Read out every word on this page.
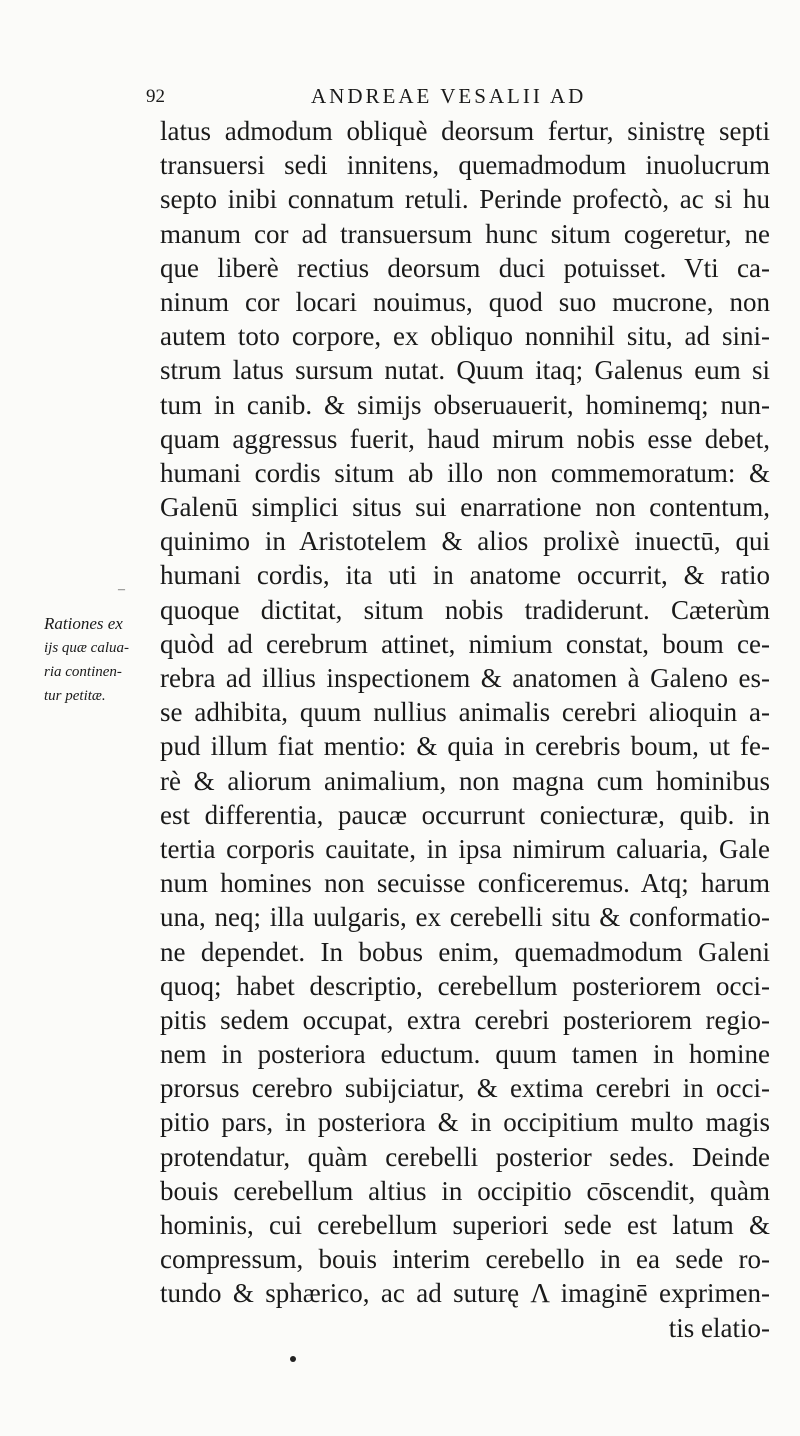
92	ANDREAE VESALII AD
latus admodum obliquè deorsum fertur, sinistrę septi
transuersi sedi innitens, quemadmodum inuolucrum
septo inibi connatum retuli. Perinde profectò, ac si hu
manum cor ad transuersum hunc situm cogeretur, ne
que liberè rectius deorsum duci potuisset. Vti ca-
ninum cor locari nouimus, quod suo mucrone, non
autem toto corpore, ex obliquo nonnihil situ, ad sini-
strum latus sursum nutat. Quum itaq; Galenus eum si
tum in canib. & simijs obseruauerit, hominemq; nun-
quam aggressus fuerit, haud mirum nobis esse debet,
humani cordis situm ab illo non commemoratum: &
Galenū simplici situs sui enarratione non contentum,
quinimo in Aristotelem & alios prolixè inuectū, qui
humani cordis, ita uti in anatome occurrit, & ratio
quoque dictitat, situm nobis tradiderunt. Cæterùm
quòd ad cerebrum attinet, nimium constat, boum ce-
rebra ad illius inspectionem & anatomen à Galeno es-
se adhibita, quum nullius animalis cerebri alioquin a-
pud illum fiat mentio: & quia in cerebris boum, ut fe-
rè & aliorum animalium, non magna cum hominibus
est differentia, paucæ occurrunt coniecturæ, quib. in
tertia corporis cauitate, in ipsa nimirum caluaria, Gale
num homines non secuisse conficeremus. Atq; harum
una, neq; illa uulgaris, ex cerebelli situ & conformatio-
ne dependet. In bobus enim, quemadmodum Galeni
quoq; habet descriptio, cerebellum posteriorem occi-
pitis sedem occupat, extra cerebri posteriorem regio-
nem in posteriora eductum. quum tamen in homine
prorsus cerebro subijciatur, & extima cerebri in occi-
pitio pars, in posteriora & in occipitium multo magis
protendatur, quàm cerebelli posterior sedes. Deinde
bouis cerebellum altius in occipitio cōscendit, quàm
hominis, cui cerebellum superiori sede est latum &
compressum, bouis interim cerebello in ea sede ro-
tundo & sphærico, ac ad suturę Λ imaginē exprimen-
tis elatio-
–
Rationes ex
ijs quæ calua-
ria continen-
tur petitæ.
